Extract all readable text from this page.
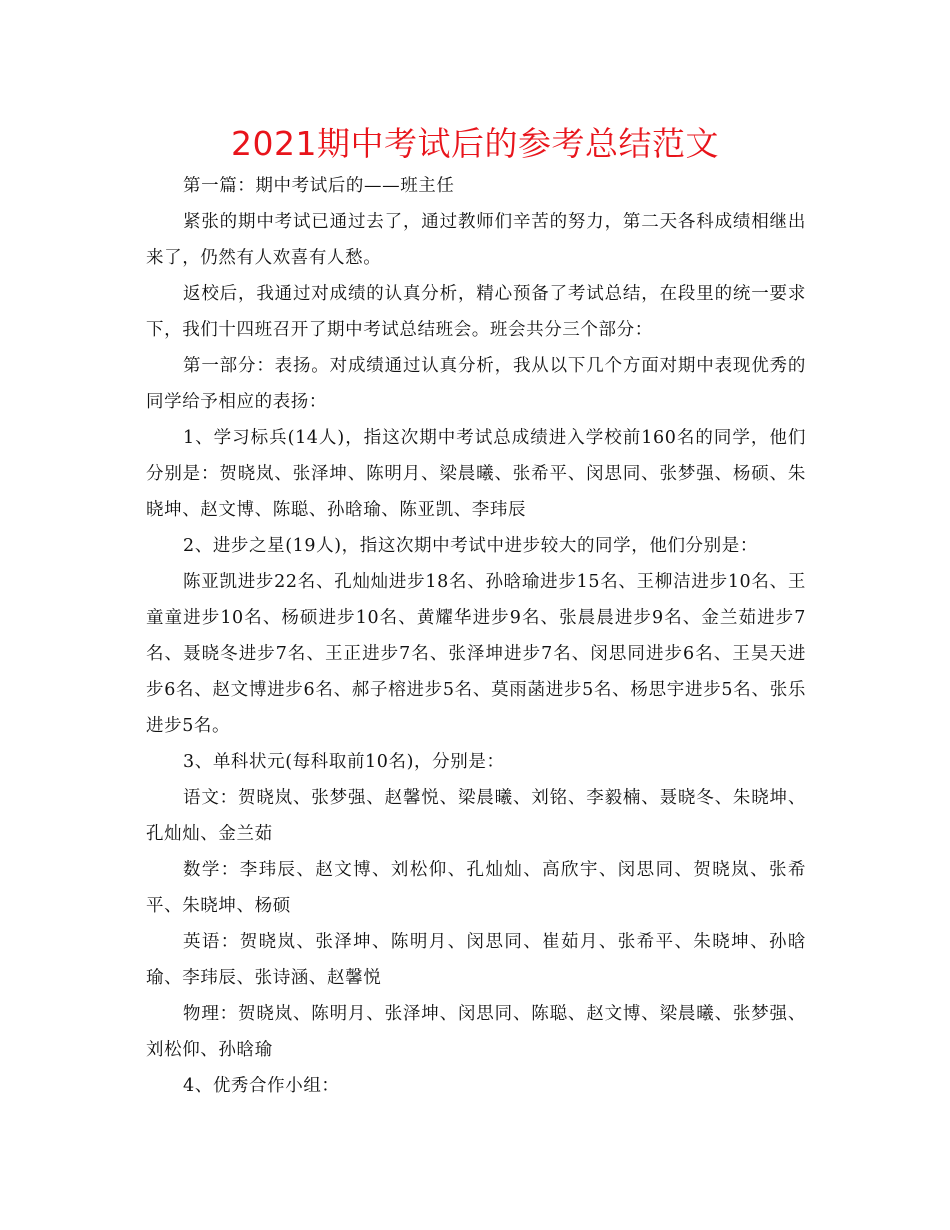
2021期中考试后的参考总结范文

第一篇：期中考试后的——班主任

紧张的期中考试已通过去了，通过教师们辛苦的努力，第二天各科成绩相继出来了，仍然有人欢喜有人愁。

返校后，我通过对成绩的认真分析，精心预备了考试总结，在段里的统一要求下，我们十四班召开了期中考试总结班会。班会共分三个部分：

第一部分：表扬。对成绩通过认真分析，我从以下几个方面对期中表现优秀的同学给予相应的表扬：

1、学习标兵(14人)，指这次期中考试总成绩进入学校前160名的同学，他们分别是：贺晓岚、张泽坤、陈明月、梁晨曦、张希平、闵思同、张梦强、杨硕、朱晓坤、赵文博、陈聪、孙晗瑜、陈亚凯、李玮辰

2、进步之星(19人)，指这次期中考试中进步较大的同学，他们分别是：

陈亚凯进步22名、孔灿灿进步18名、孙晗瑜进步15名、王柳洁进步10名、王童童进步10名、杨硕进步10名、黄耀华进步9名、张晨晨进步9名、金兰茹进步7名、聂晓冬进步7名、王正进步7名、张泽坤进步7名、闵思同进步6名、王昊天进步6名、赵文博进步6名、郝子榕进步5名、莫雨菡进步5名、杨思宇进步5名、张乐进步5名。

3、单科状元(每科取前10名)，分别是：

语文：贺晓岚、张梦强、赵馨悦、梁晨曦、刘铭、李毅楠、聂晓冬、朱晓坤、孔灿灿、金兰茹

数学：李玮辰、赵文博、刘松仰、孔灿灿、高欣宇、闵思同、贺晓岚、张希平、朱晓坤、杨硕

英语：贺晓岚、张泽坤、陈明月、闵思同、崔茹月、张希平、朱晓坤、孙晗瑜、李玮辰、张诗涵、赵馨悦

物理：贺晓岚、陈明月、张泽坤、闵思同、陈聪、赵文博、梁晨曦、张梦强、刘松仰、孙晗瑜

4、优秀合作小组：
